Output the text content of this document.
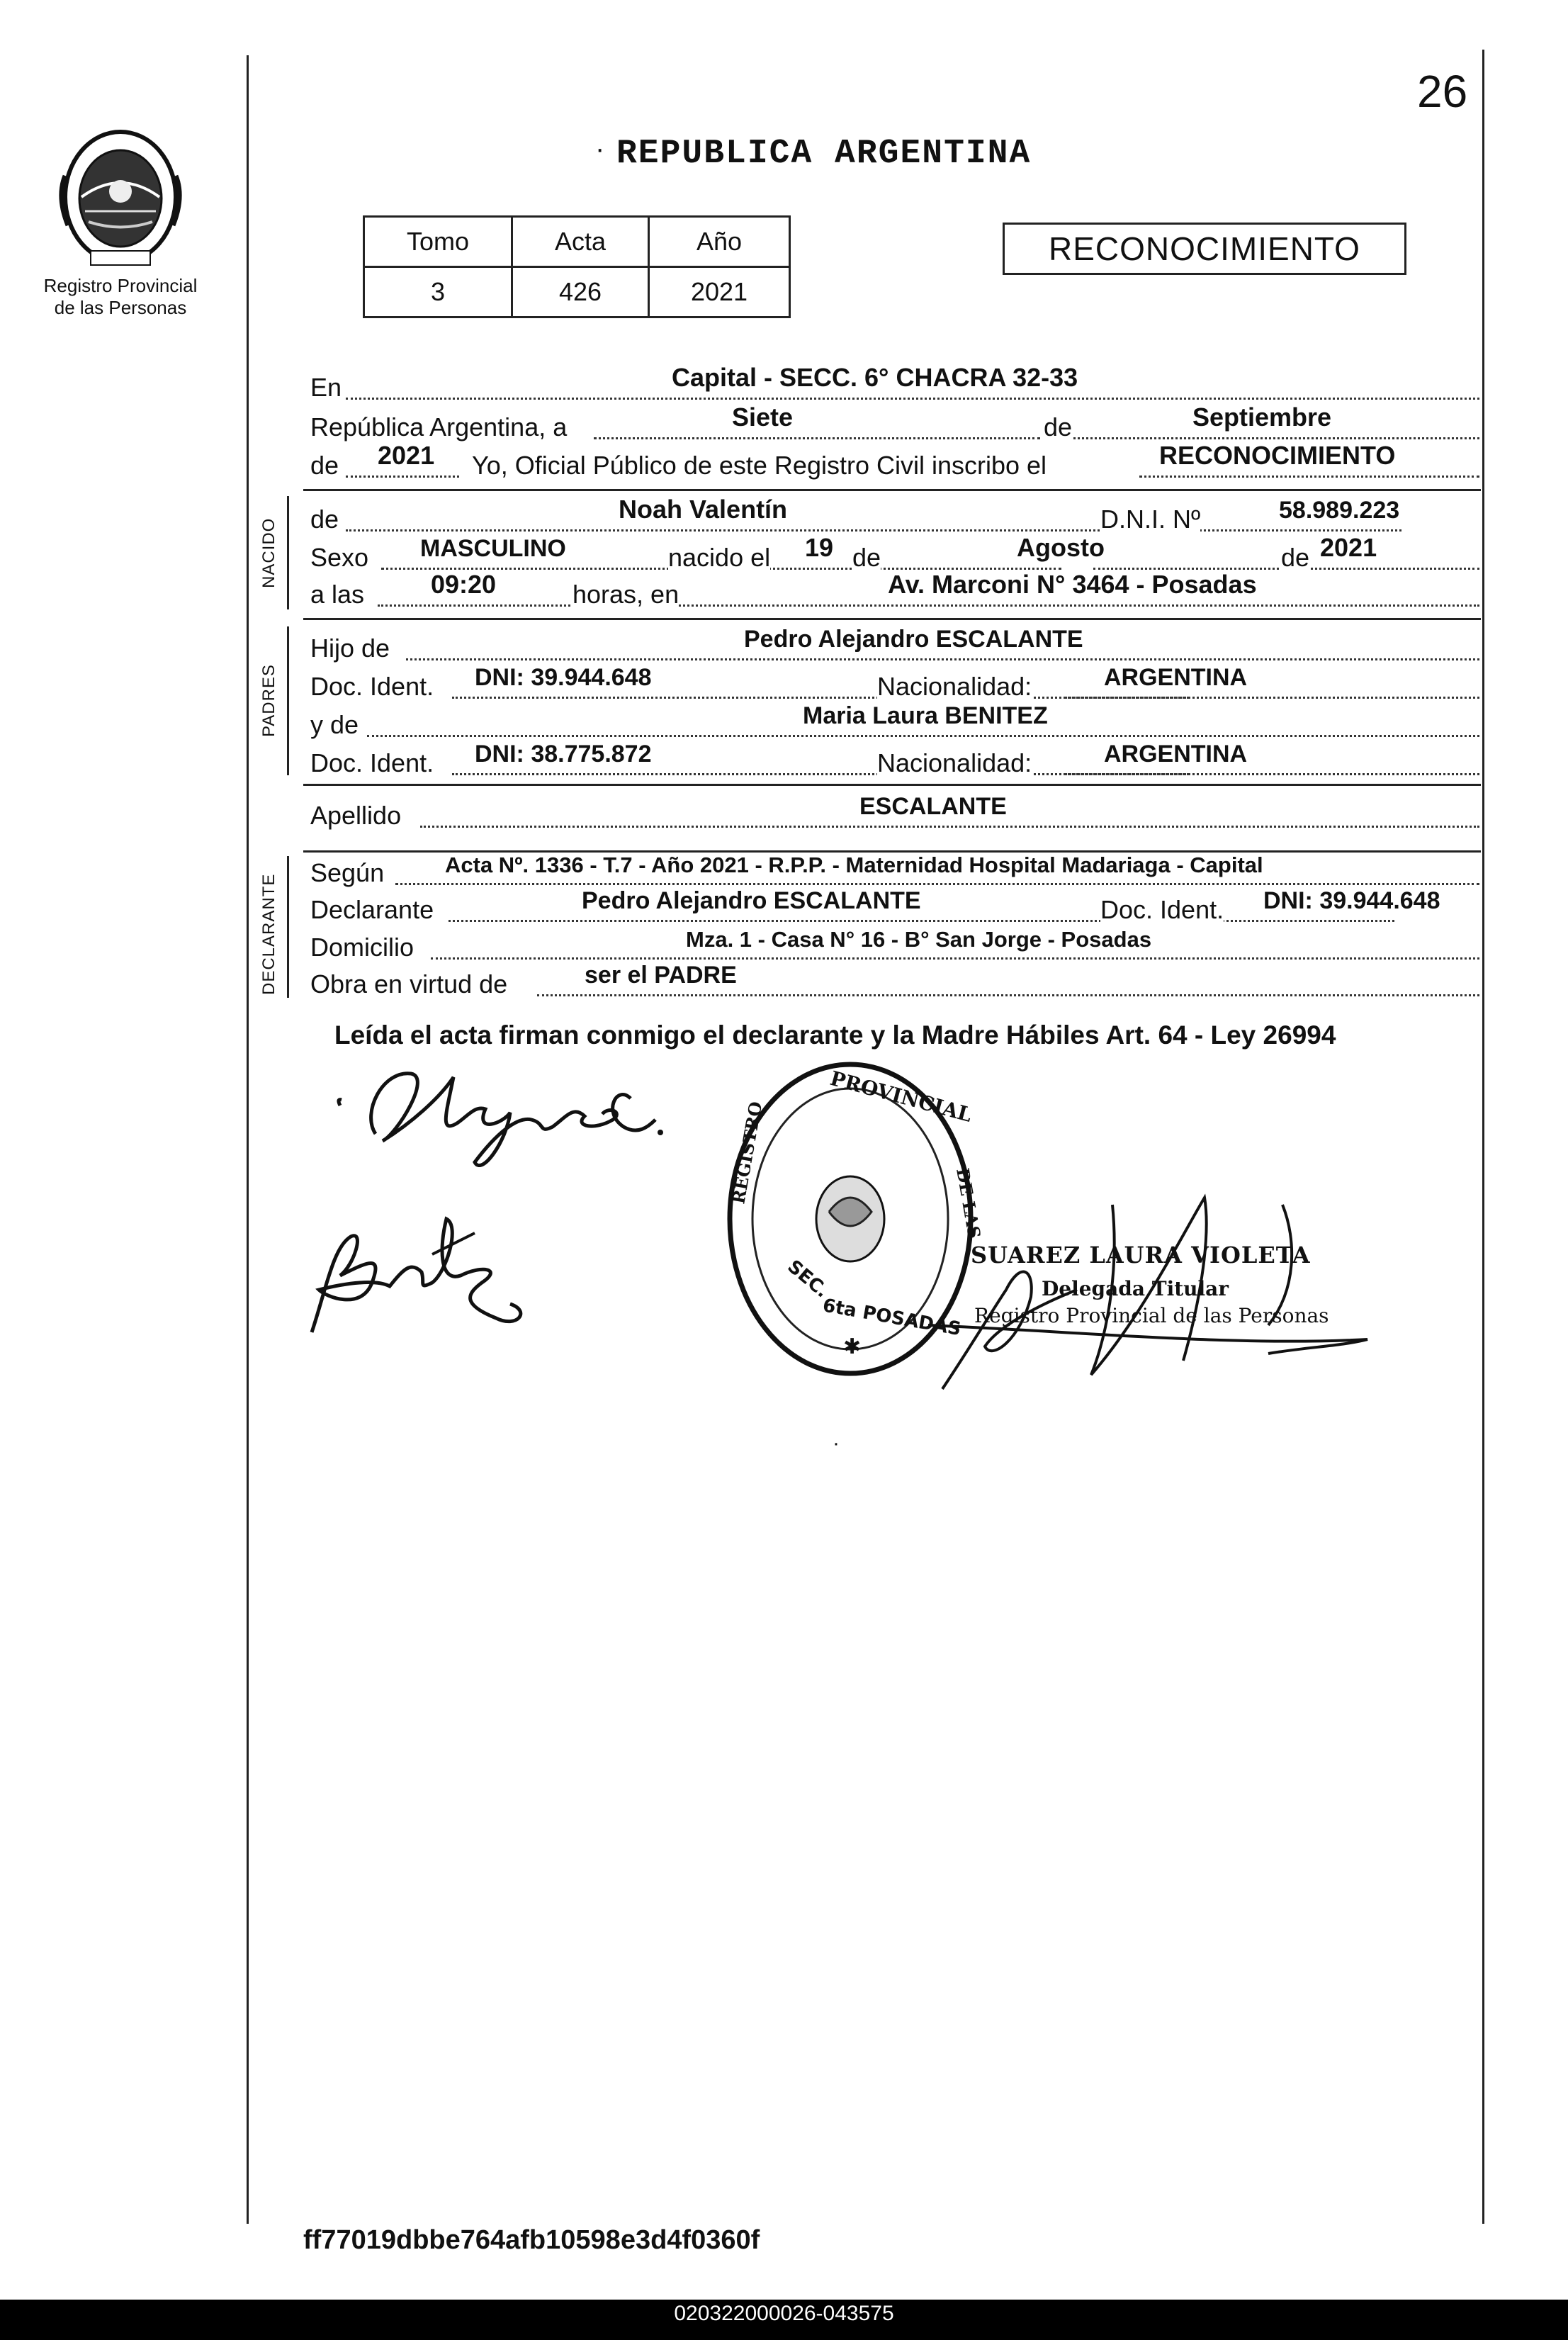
26
Registro Provincial
de las Personas
· REPUBLICA ARGENTINA
Tomo	Acta	Año
3	426	2021
RECONOCIMIENTO
En	Capital - SECC. 6° CHACRA 32-33
República Argentina, a	Siete	de	Septiembre
de 2021 Yo, Oficial Público de este Registro Civil inscribo el	RECONOCIMIENTO
NACIDO de	Noah Valentín	D.N.I. Nº	58.989.223
Sexo MASCULINO	nacido el 19 de	Agosto	de 2021
a las	09:20	horas, en	Av. Marconi N° 3464 - Posadas
PADRES
Hijo de	Pedro Alejandro ESCALANTE
Doc. Ident. DNI: 39.944.648	Nacionalidad:	ARGENTINA
y de	Maria Laura BENITEZ
Doc. Ident. DNI: 38.775.872	Nacionalidad:	ARGENTINA
Apellido	ESCALANTE
DECLARANTE
Según	Acta Nº. 1336 - T.7 - Año 2021 - R.P.P. - Maternidad Hospital Madariaga - Capital
Declarante	Pedro Alejandro ESCALANTE	Doc. Ident. DNI: 39.944.648
Domicilio	Mza. 1 - Casa N° 16 - B° San Jorge - Posadas
Obra en virtud de	ser el PADRE
Leída el acta firman conmigo el declarante y la Madre Hábiles Art. 64 - Ley 26994
PROVINCIAL
REGISTRO	DE LAS
SEC.
6ta POSADAS
✱
SUAREZ LAURA VIOLETA
Delegada Titular
Registro Provincial de las Personas
·
ff77019dbbe764afb10598e3d4f0360f
020322000026-043575
